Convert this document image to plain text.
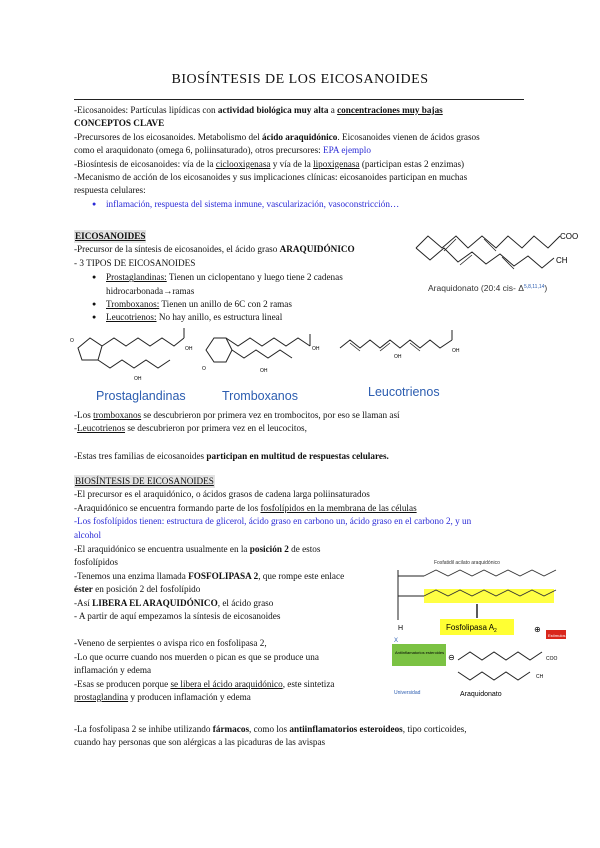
BIOSÍNTESIS DE LOS EICOSANOIDES
-Eicosanoides: Partículas lipídicas con actividad biológica muy alta a concentraciones muy bajas
CONCEPTOS CLAVE
-Precursores de los eicosanoides. Metabolismo del ácido araquidónico. Eicosanoides vienen de ácidos grasos
como el araquidonato (omega 6, poliinsaturado), otros precursores: EPA ejemplo
-Biosíntesis de eicosanoides: vía de la ciclooxigenasa y vía de la lipoxigenasa (participan estas 2 enzimas)
-Mecanismo de acción de los eicosanoides y sus implicaciones clínicas: eicosanoides participan en muchas
respuesta celulares:
● inflamación, respuesta del sistema inmune, vascularización, vasoconstricción…
EICOSANOIDES
-Precursor de la síntesis de eicosanoides, el ácido graso ARAQUIDÓNICO
- 3 TIPOS DE EICOSANOIDES
● Prostaglandinas: Tienen un ciclopentano y luego tiene 2 cadenas
hidrocarbonada→ramas
● Tromboxanos: Tienen un anillo de 6C con 2 ramas
● Leucotrienos: No hay anillo, es estructura lineal
COO
CH
Araquidonato (20:4 cis- Δ$^{5,8,11,14}$)
OH
O
OH
OH
O	OH
OH
OH
Prostaglandinas	Tromboxanos	Leucotrienos
-Los tromboxanos se descubrieron por primera vez en trombocitos, por eso se llaman así
-Leucotrienos se descubrieron por primera vez en el leucocitos,
-Estas tres familias de eicosanoides participan en multitud de respuestas celulares.
BIOSÍNTESIS DE EICOSANOIDES
-El precursor es el araquidónico, o ácidos grasos de cadena larga poliinsaturados
-Araquidónico se encuentra formando parte de los fosfolípidos en la membrana de las células
-Los fosfolípidos tienen: estructura de glicerol, ácido graso en carbono un, ácido graso en el carbono 2, y un
alcohol
-El araquidónico se encuentra usualmente en la posición 2 de estos
fosfolípidos
-Tenemos una enzima llamada FOSFOLIPASA 2, que rompe este enlace
éster en posición 2 del fosfolípido
-Así LIBERA EL ARAQUIDÓNICO, el ácido graso
- A partir de aquí empezamos la síntesis de eicosanoides
-Veneno de serpientes o avispa rico en fosfolipasa 2,
-Lo que ocurre cuando nos muerden o pican es que se produce una
inflamación y edema
-Esas se producen porque se libera el ácido araquidónico, este sintetiza
prostaglandina y producen inflamación y edema
-La fosfolipasa 2 se inhibe utilizando fármacos, como los antiinflamatorios esteroideos, tipo corticoides,
cuando hay personas que son alérgicas a las picaduras de las avispas
Fosfatidil acilato araquidónico
H
X
Fosfolipasa $A_2$	⊕
Estímulos
Antiinflamatorios esteroides
⊖	COO
CH
Araquidonato
Universidad
